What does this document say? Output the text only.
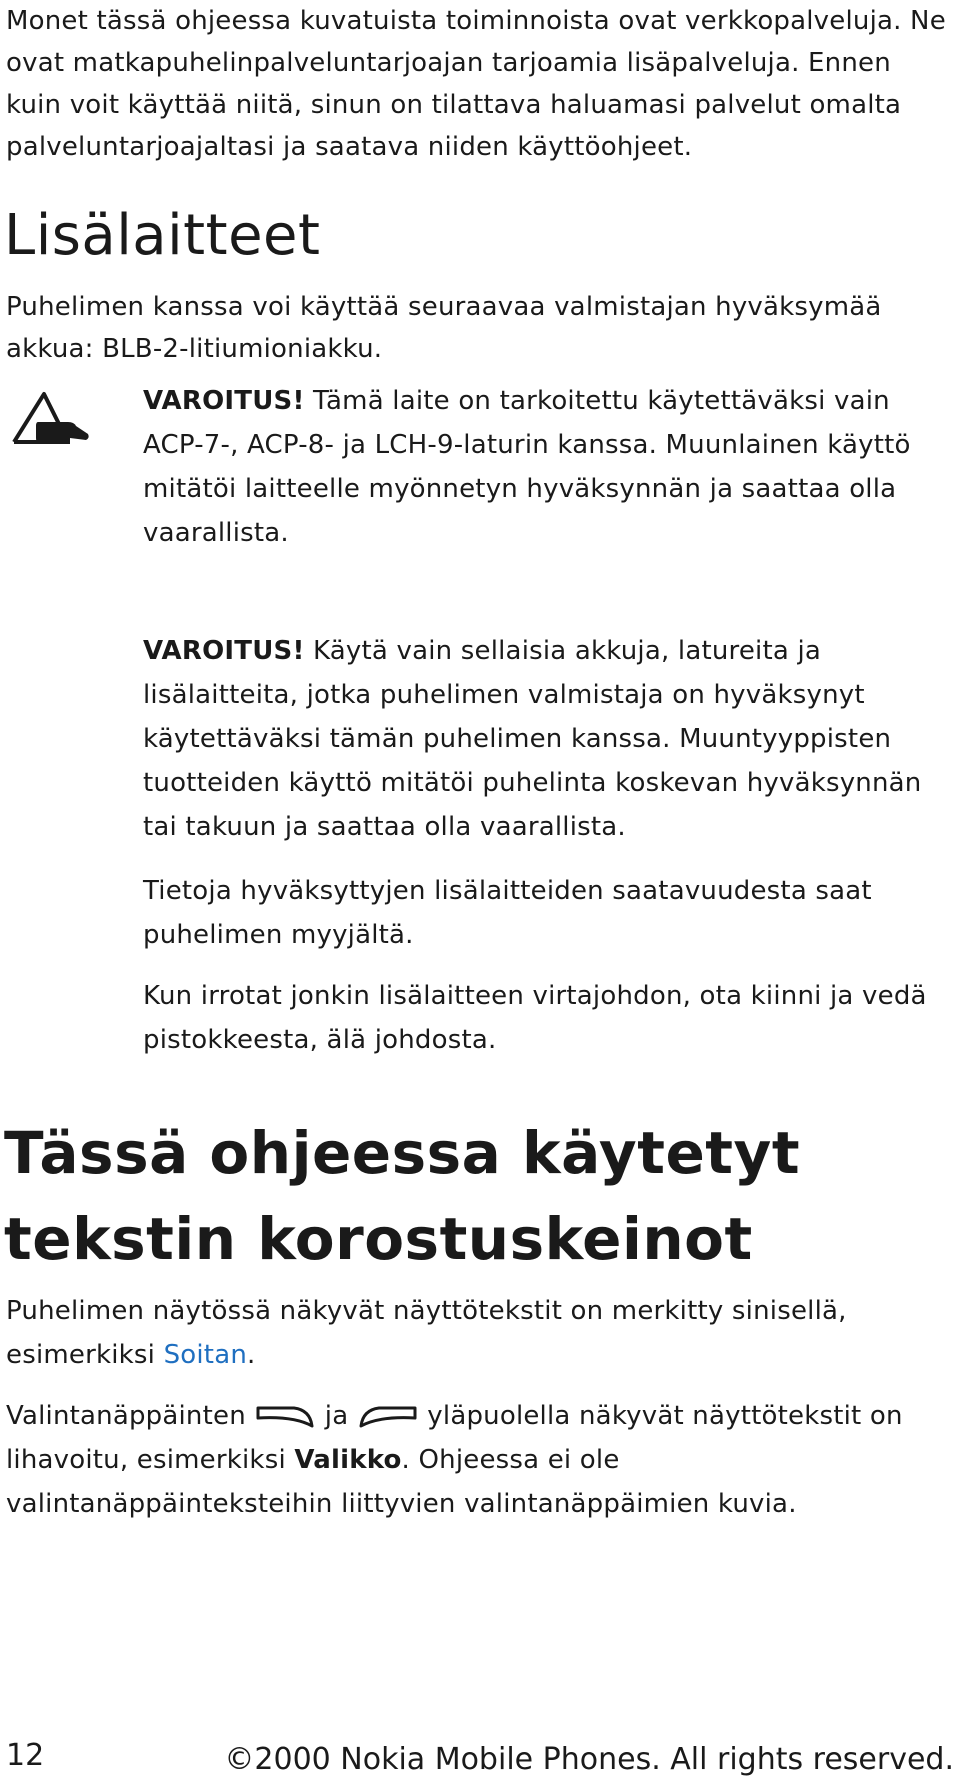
Monet tässä ohjeessa kuvatuista toiminnoista ovat verkkopalveluja. Ne ovat matkapuhelinpalveluntarjoajan tarjoamia lisäpalveluja. Ennen kuin voit käyttää niitä, sinun on tilattava haluamasi palvelut omalta palveluntarjoajaltasi ja saatava niiden käyttöohjeet.

Lisälaitteet

Puhelimen kanssa voi käyttää seuraavaa valmistajan hyväksymää akkua: BLB-2-litiumioniakku.

VAROITUS! Tämä laite on tarkoitettu käytettäväksi vain ACP-7-, ACP-8- ja LCH-9-laturin kanssa. Muunlainen käyttö mitätöi laitteelle myönnetyn hyväksynnän ja saattaa olla vaarallista.

VAROITUS! Käytä vain sellaisia akkuja, latureita ja lisälaitteita, jotka puhelimen valmistaja on hyväksynyt käytettäväksi tämän puhelimen kanssa. Muuntyyppisten tuotteiden käyttö mitätöi puhelinta koskevan hyväksynnän tai takuun ja saattaa olla vaarallista.

Tietoja hyväksyttyjen lisälaitteiden saatavuudesta saat puhelimen myyjältä.

Kun irrotat jonkin lisälaitteen virtajohdon, ota kiinni ja vedä pistokkeesta, älä johdosta.

Tässä ohjeessa käytetyt tekstin korostuskeinot

Puhelimen näytössä näkyvät näyttötekstit on merkitty sinisellä, esimerkiksi Soitan.

Valintanäppäinten  ja  yläpuolella näkyvät näyttötekstit on lihavoitu, esimerkiksi Valikko. Ohjeessa ei ole valintanäppäinteksteihin liittyvien valintanäppäimien kuvia.

12	©2000 Nokia Mobile Phones. All rights reserved.
